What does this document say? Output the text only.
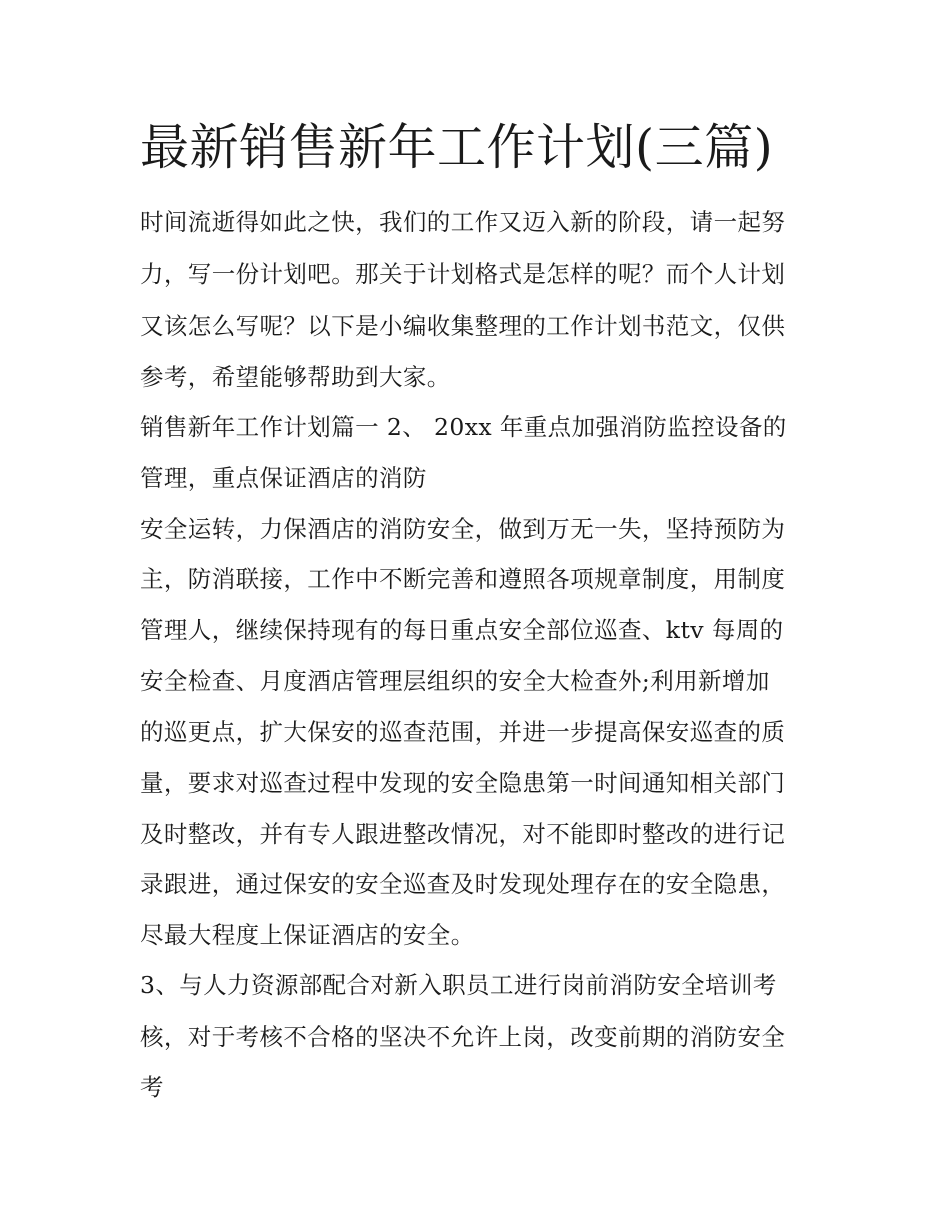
最新销售新年工作计划(三篇)

时间流逝得如此之快，我们的工作又迈入新的阶段，请一起努

力，写一份计划吧。那关于计划格式是怎样的呢？而个人计划

又该怎么写呢？以下是小编收集整理的工作计划书范文，仅供

参考，希望能够帮助到大家。

销售新年工作计划篇一 2、 20xx 年重点加强消防监控设备的

管理，重点保证酒店的消防

安全运转，力保酒店的消防安全，做到万无一失，坚持预防为

主，防消联接，工作中不断完善和遵照各项规章制度，用制度

管理人，继续保持现有的每日重点安全部位巡查、ktv 每周的

安全检查、月度酒店管理层组织的安全大检查外;利用新增加

的巡更点，扩大保安的巡查范围，并进一步提高保安巡查的质

量，要求对巡查过程中发现的安全隐患第一时间通知相关部门

及时整改，并有专人跟进整改情况，对不能即时整改的进行记

录跟进，通过保安的安全巡查及时发现处理存在的安全隐患，

尽最大程度上保证酒店的安全。

3、与人力资源部配合对新入职员工进行岗前消防安全培训考

核，对于考核不合格的坚决不允许上岗，改变前期的消防安全

考
